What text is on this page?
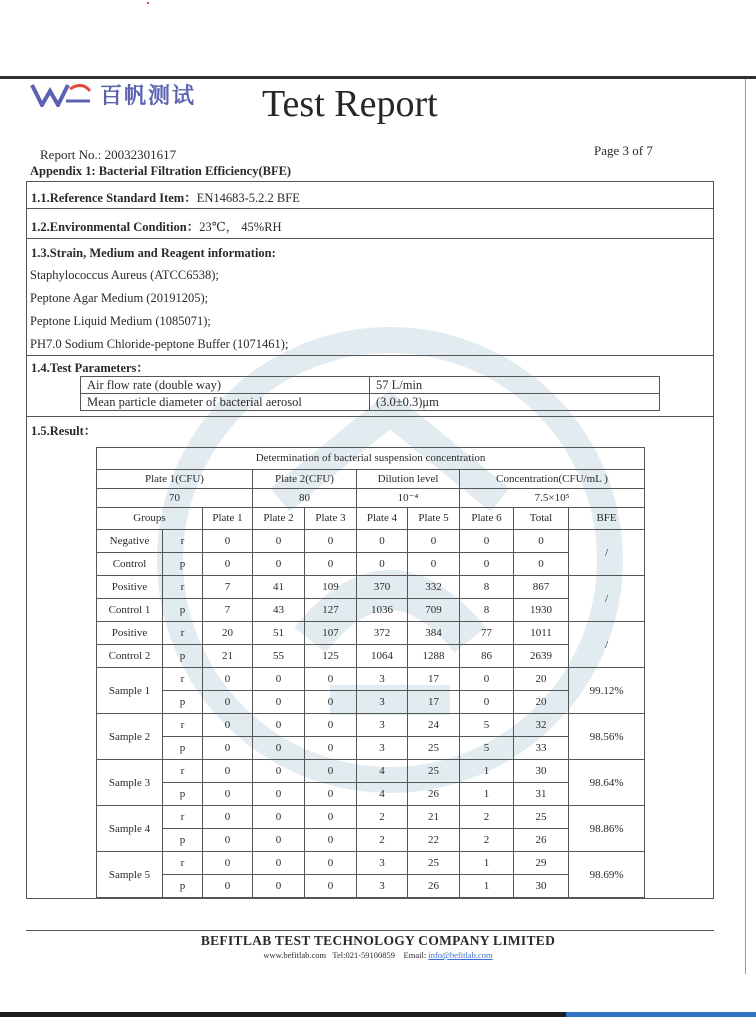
百帆测试 Test Report
Report No.: 20032301617	Page 3 of 7
Appendix 1: Bacterial Filtration Efficiency(BFE)
1.1.Reference Standard Item：EN14683-5.2.2 BFE
1.2.Environmental Condition：23℃， 45%RH
1.3.Strain, Medium and Reagent information:
Staphylococcus Aureus (ATCC6538);
Peptone Agar Medium (20191205);
Peptone Liquid Medium (1085071);
PH7.0 Sodium Chloride-peptone Buffer (1071461);
1.4.Test Parameters：
Air flow rate (double way)	57 L/min
Mean particle diameter of bacterial aerosol	(3.0±0.3)μm
1.5.Result：
Determination of bacterial suspension concentration									
Plate 1(CFU)			Plate 2(CFU)		Dilution level		Concentration(CFU/mL )		
70			80		10⁻⁴		7.5×10⁵		
Groups		Plate 1	Plate 2	Plate 3	Plate 4	Plate 5	Plate 6	Total	BFE
Negative	r	0	0	0	0	0	0	0	/
Control	p	0	0	0	0	0	0	0	
Positive	r	7	41	109	370	332	8	867	/
Control 1	p	7	43	127	1036	709	8	1930	
Positive	r	20	51	107	372	384	77	1011	/
Control 2	p	21	55	125	1064	1288	86	2639	
Sample 1	r	0	0	0	3	17	0	20	99.12%
	p	0	0	0	3	17	0	20	
Sample 2	r	0	0	0	3	24	5	32	98.56%
	p	0	0	0	3	25	5	33	
Sample 3	r	0	0	0	4	25	1	30	98.64%
	p	0	0	0	4	26	1	31	
Sample 4	r	0	0	0	2	21	2	25	98.86%
	p	0	0	0	2	22	2	26	
Sample 5	r	0	0	0	3	25	1	29	98.69%
	p	0	0	0	3	26	1	30	
BEFITLAB TEST TECHNOLOGY COMPANY LIMITED
www.befitlab.com Tel:021-59100859 Email: info@befitlab.com
